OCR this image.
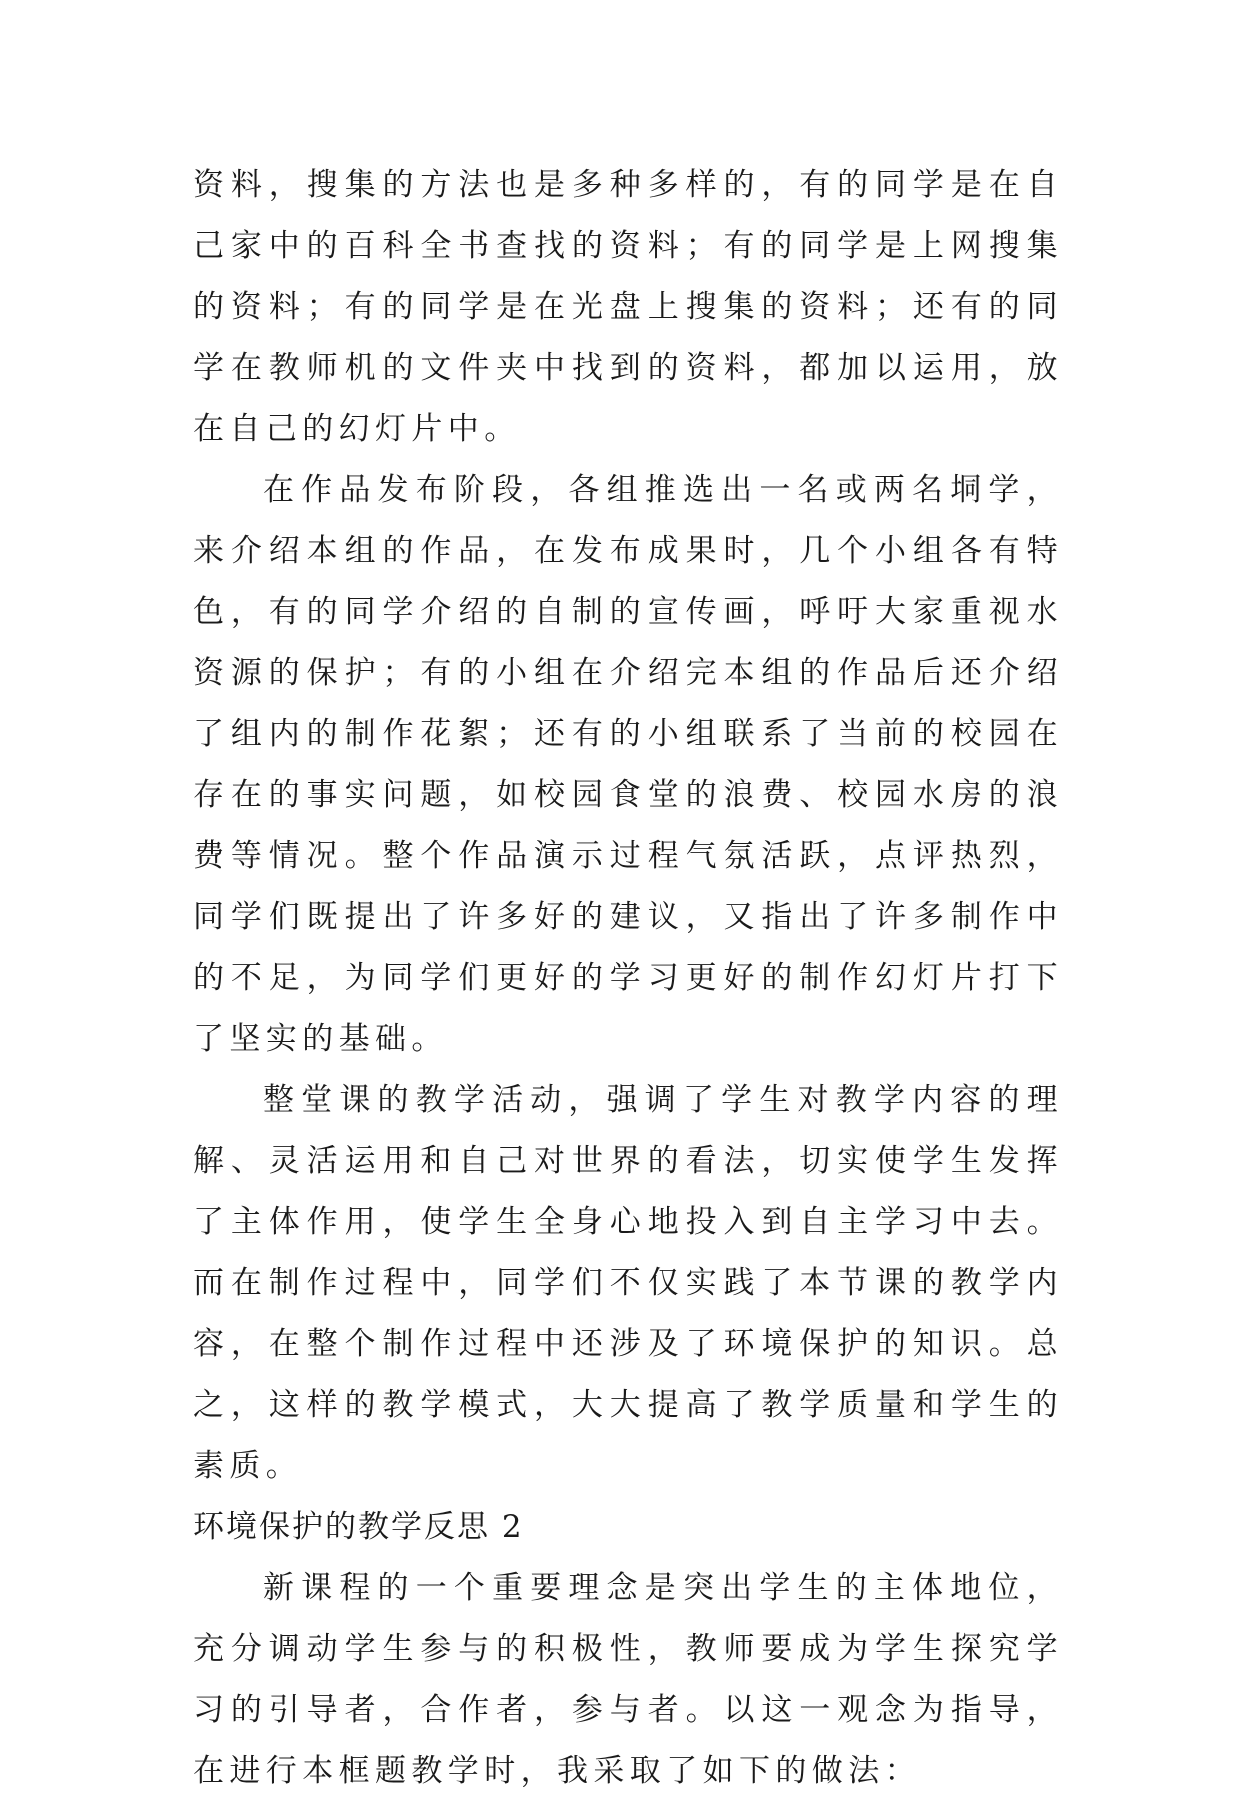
资料，搜集的方法也是多种多样的，有的同学是在自己家中的百科全书查找的资料；有的同学是上网搜集的资料；有的同学是在光盘上搜集的资料；还有的同学在教师机的文件夹中找到的资料，都加以运用，放在自己的幻灯片中。

在作品发布阶段，各组推选出一名或两名垌学，来介绍本组的作品，在发布成果时，几个小组各有特色，有的同学介绍的自制的宣传画，呼吁大家重视水资源的保护；有的小组在介绍完本组的作品后还介绍了组内的制作花絮；还有的小组联系了当前的校园在存在的事实问题，如校园食堂的浪费、校园水房的浪费等情况。整个作品演示过程气氛活跃，点评热烈，同学们既提出了许多好的建议，又指出了许多制作中的不足，为同学们更好的学习更好的制作幻灯片打下了坚实的基础。

整堂课的教学活动，强调了学生对教学内容的理解、灵活运用和自己对世界的看法，切实使学生发挥了主体作用，使学生全身心地投入到自主学习中去。而在制作过程中，同学们不仅实践了本节课的教学内容，在整个制作过程中还涉及了环境保护的知识。总之，这样的教学模式，大大提高了教学质量和学生的素质。

环境保护的教学反思 2

新课程的一个重要理念是突出学生的主体地位，充分调动学生参与的积极性，教师要成为学生探究学习的引导者，合作者，参与者。以这一观念为指导，在进行本框题教学时，我采取了如下的做法：
